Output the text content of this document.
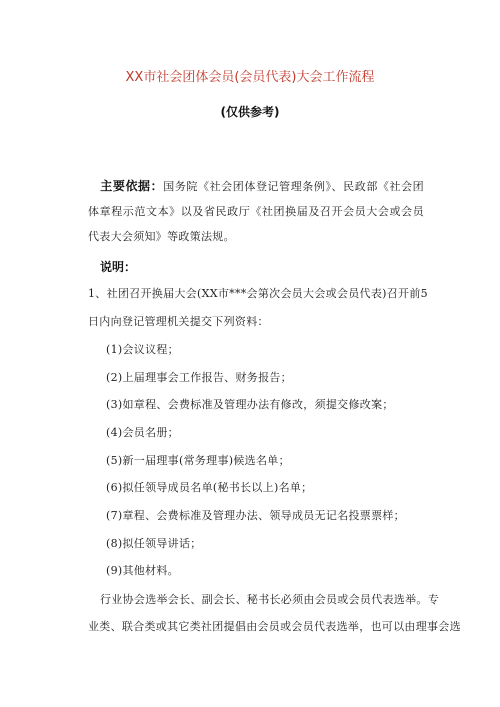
XX市社会团体会员(会员代表)大会工作流程
(仅供参考)
主要依据：国务院《社会团体登记管理条例》、民政部《社会团体章程示范文本》以及省民政厅《社团换届及召开会员大会或会员代表大会须知》等政策法规。
说明：
1、社团召开换届大会(XX市***会第次会员大会或会员代表)召开前5
日内向登记管理机关提交下列资料：
(1)会议议程；
(2)上届理事会工作报告、财务报告；
(3)如章程、会费标准及管理办法有修改，须提交修改案；
(4)会员名册；
(5)新一届理事(常务理事)候选名单；
(6)拟任领导成员名单(秘书长以上)名单；
(7)章程、会费标准及管理办法、领导成员无记名投票票样；
(8)拟任领导讲话；
(9)其他材料。
行业协会选举会长、副会长、秘书长必须由会员或会员代表选举。专
业类、联合类或其它类社团提倡由会员或会员代表选举，也可以由理事会选
